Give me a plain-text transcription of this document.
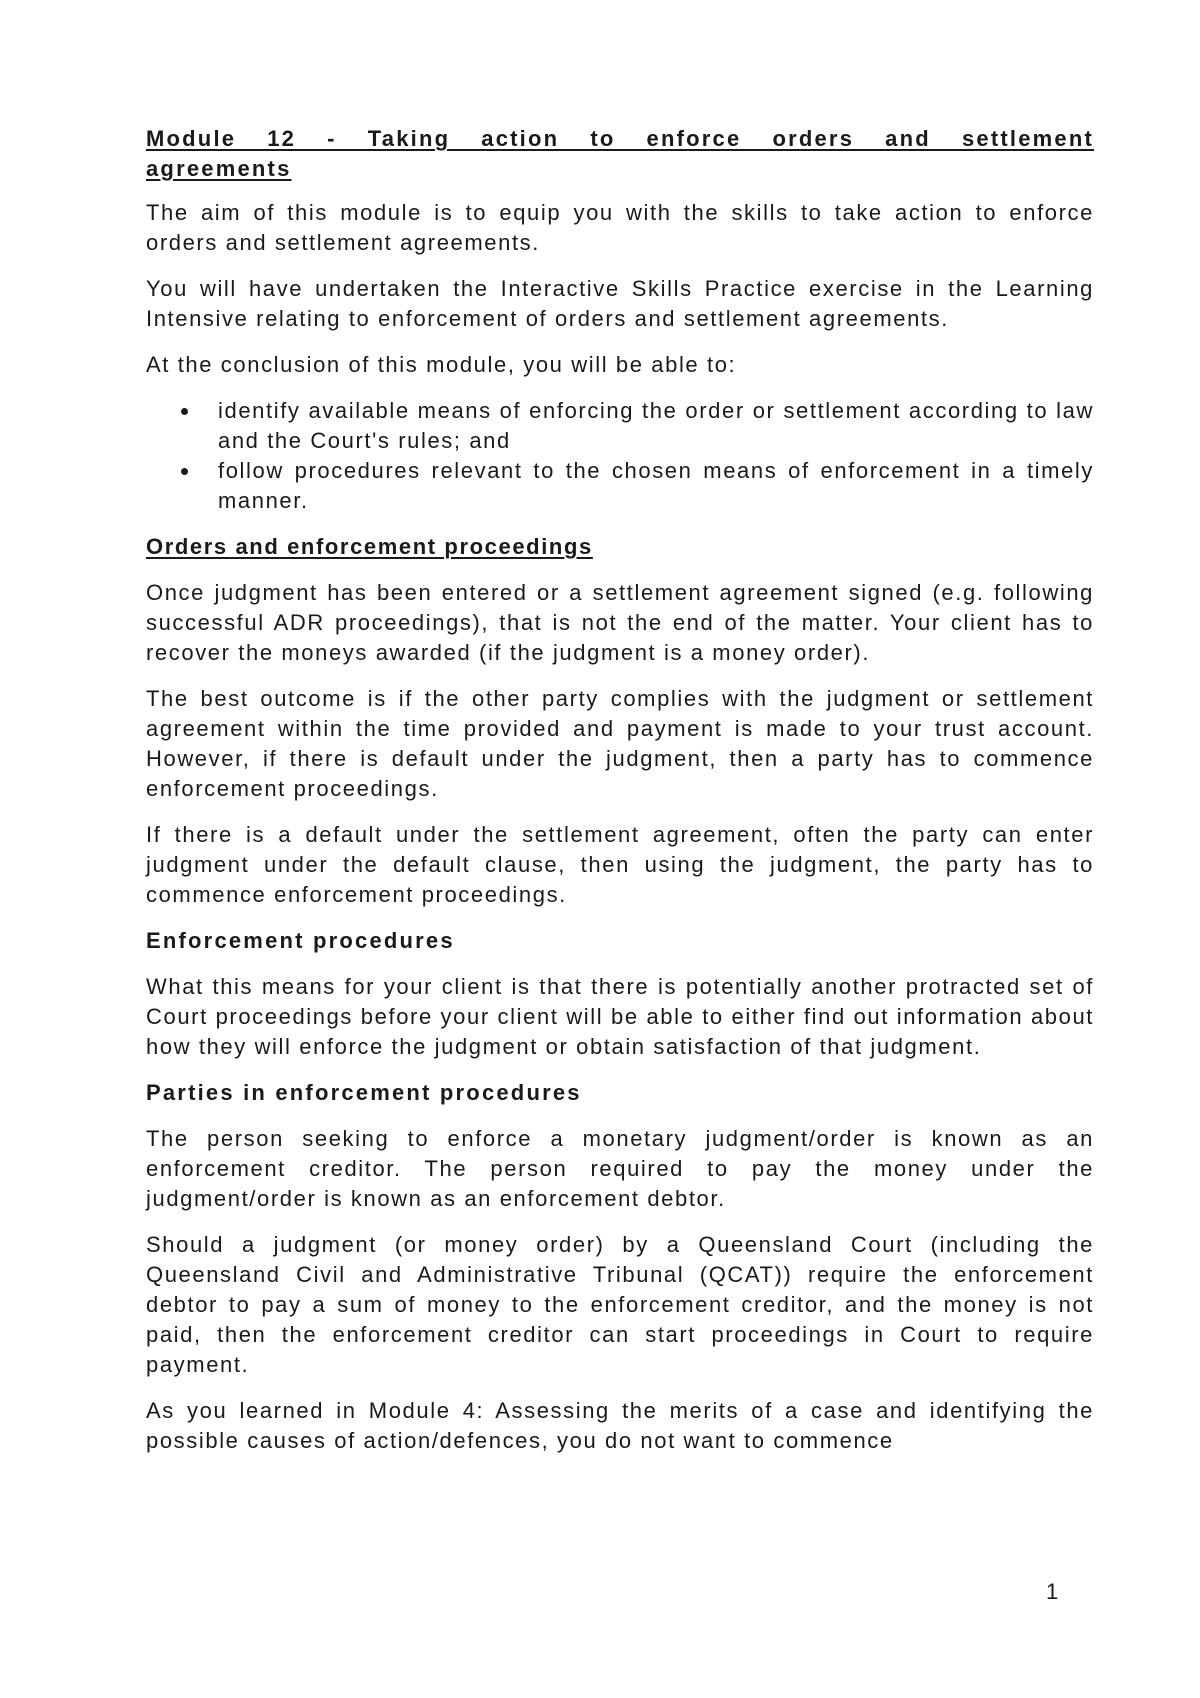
Module 12 - Taking action to enforce orders and settlement agreements

The aim of this module is to equip you with the skills to take action to enforce orders and settlement agreements.

You will have undertaken the Interactive Skills Practice exercise in the Learning Intensive relating to enforcement of orders and settlement agreements.

At the conclusion of this module, you will be able to:

identify available means of enforcing the order or settlement according to law and the Court's rules; and
follow procedures relevant to the chosen means of enforcement in a timely manner.
Orders and enforcement proceedings

Once judgment has been entered or a settlement agreement signed (e.g. following successful ADR proceedings), that is not the end of the matter. Your client has to recover the moneys awarded (if the judgment is a money order).

The best outcome is if the other party complies with the judgment or settlement agreement within the time provided and payment is made to your trust account. However, if there is default under the judgment, then a party has to commence enforcement proceedings.

If there is a default under the settlement agreement, often the party can enter judgment under the default clause, then using the judgment, the party has to commence enforcement proceedings.

Enforcement procedures

What this means for your client is that there is potentially another protracted set of Court proceedings before your client will be able to either find out information about how they will enforce the judgment or obtain satisfaction of that judgment.

Parties in enforcement procedures

The person seeking to enforce a monetary judgment/order is known as an enforcement creditor. The person required to pay the money under the judgment/order is known as an enforcement debtor.

Should a judgment (or money order) by a Queensland Court (including the Queensland Civil and Administrative Tribunal (QCAT)) require the enforcement debtor to pay a sum of money to the enforcement creditor, and the money is not paid, then the enforcement creditor can start proceedings in Court to require payment.

As you learned in Module 4: Assessing the merits of a case and identifying the possible causes of action/defences, you do not want to commence

1
